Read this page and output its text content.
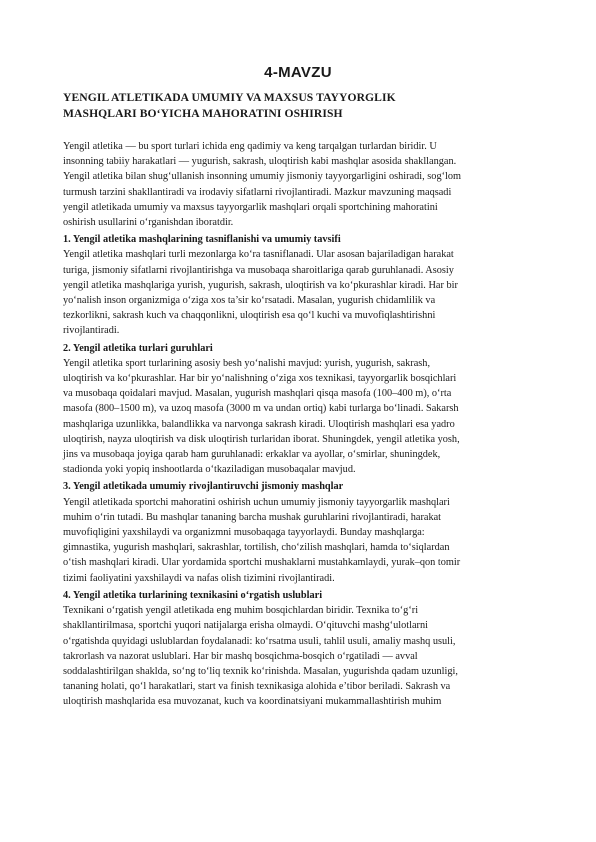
4-MAVZU
YENGIL ATLETIKADA UMUMIY VA MAXSUS TAYYORGLIK
MASHQLARI BO‘YICHA MAHORATINI OSHIRISH
Yengil atletika — bu sport turlari ichida eng qadimiy va keng tarqalgan turlardan biridir. U
insonning tabiiy harakatlari — yugurish, sakrash, uloqtirish kabi mashqlar asosida shakllangan.
Yengil atletika bilan shug‘ullanish insonning umumiy jismoniy tayyorgarligini oshiradi, sog‘lom
turmush tarzini shakllantiradi va irodaviy sifatlarni rivojlantiradi. Mazkur mavzuning maqsadi
yengil atletikada umumiy va maxsus tayyorgarlik mashqlari orqali sportchining mahoratini
oshirish usullarini o‘rganishdan iboratdir.
1. Yengil atletika mashqlarining tasniflanishi va umumiy tavsifi
Yengil atletika mashqlari turli mezonlarga ko‘ra tasniflanadi. Ular asosan bajariladigan harakat
turiga, jismoniy sifatlarni rivojlantirishga va musobaqa sharoitlariga qarab guruhlanadi. Asosiy
yengil atletika mashqlariga yurish, yugurish, sakrash, uloqtirish va ko‘pkurashlar kiradi. Har bir
yo‘nalish inson organizmiga o‘ziga xos ta’sir ko‘rsatadi. Masalan, yugurish chidamlilik va
tezkorlikni, sakrash kuch va chaqqonlikni, uloqtirish esa qo‘l kuchi va muvofiqlashtirishni
rivojlantiradi.
2. Yengil atletika turlari guruhlari
Yengil atletika sport turlarining asosiy besh yo‘nalishi mavjud: yurish, yugurish, sakrash,
uloqtirish va ko‘pkurashlar. Har bir yo‘nalishning o‘ziga xos texnikasi, tayyorgarlik bosqichlari
va musobaqa qoidalari mavjud. Masalan, yugurish mashqlari qisqa masofa (100–400 m), o‘rta
masofa (800–1500 m), va uzoq masofa (3000 m va undan ortiq) kabi turlarga bo‘linadi. Sakarsh
mashqlariga uzunlikka, balandlikka va narvonga sakrash kiradi. Uloqtirish mashqlari esa yadro
uloqtirish, nayza uloqtirish va disk uloqtirish turlaridan iborat. Shuningdek, yengil atletika yosh,
jins va musobaqa joyiga qarab ham guruhlanadi: erkaklar va ayollar, o‘smirlar, shuningdek,
stadionda yoki yopiq inshootlarda o‘tkaziladigan musobaqalar mavjud.
3. Yengil atletikada umumiy rivojlantiruvchi jismoniy mashqlar
Yengil atletikada sportchi mahoratini oshirish uchun umumiy jismoniy tayyorgarlik mashqlari
muhim o‘rin tutadi. Bu mashqlar tananing barcha mushak guruhlarini rivojlantiradi, harakat
muvofiqligini yaxshilaydi va organizmni musobaqaga tayyorlaydi. Bunday mashqlarga:
gimnastika, yugurish mashqlari, sakrashlar, tortilish, cho‘zilish mashqlari, hamda to‘siqlardan
o‘tish mashqlari kiradi. Ular yordamida sportchi mushaklarni mustahkamlaydi, yurak–qon tomir
tizimi faoliyatini yaxshilaydi va nafas olish tizimini rivojlantiradi.
4. Yengil atletika turlarining texnikasini o‘rgatish uslublari
Texnikani o‘rgatish yengil atletikada eng muhim bosqichlardan biridir. Texnika to‘g‘ri
shakllantirilmasa, sportchi yuqori natijalarga erisha olmaydi. O‘qituvchi mashg‘ulotlarni
o‘rgatishda quyidagi uslublardan foydalanadi: ko‘rsatma usuli, tahlil usuli, amaliy mashq usuli,
takrorlash va nazorat uslublari. Har bir mashq bosqichma-bosqich o‘rgatiladi — avval
soddalashtirilgan shaklda, so‘ng to‘liq texnik ko‘rinishda. Masalan, yugurishda qadam uzunligi,
tananing holati, qo‘l harakatlari, start va finish texnikasiga alohida e’tibor beriladi. Sakrash va
uloqtirish mashqlarida esa muvozanat, kuch va koordinatsiyani mukammallashtirish muhim
